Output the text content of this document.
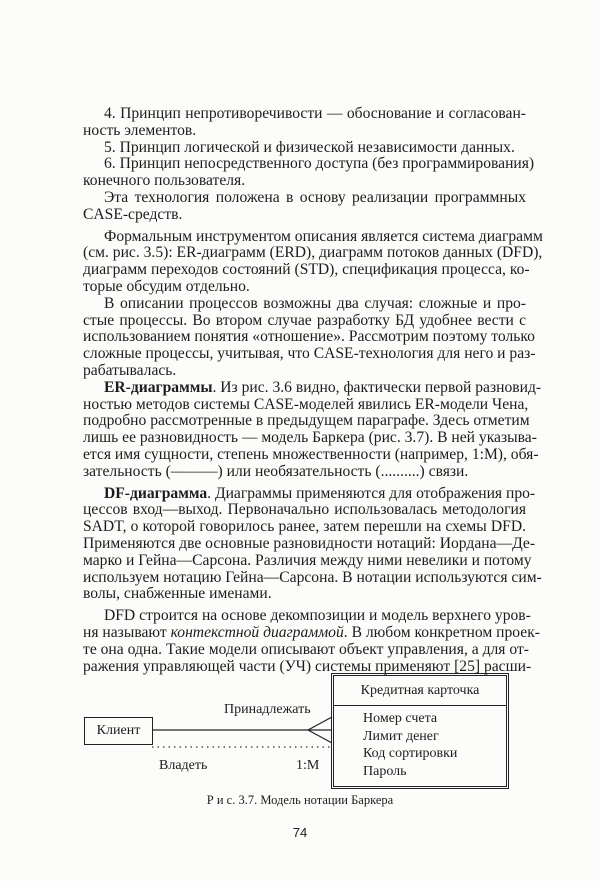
4. Принцип непротиворечивости — обоснование и согласован-
ность элементов.
5. Принцип логической и физической независимости данных.
6. Принцип непосредственного доступа (без программирования)
конечного пользователя.
Эта технология положена в основу реализации программных
CASE-средств.
Формальным инструментом описания является система диаграмм
(см. рис. 3.5): ER-диаграмм (ERD), диаграмм потоков данных (DFD),
диаграмм переходов состояний (STD), спецификация процесса, ко-
торые обсудим отдельно.
В описании процессов возможны два случая: сложные и про-
стые процессы. Во втором случае разработку БД удобнее вести с
использованием понятия «отношение». Рассмотрим поэтому только
сложные процессы, учитывая, что CASE-технология для него и раз-
рабатывалась.
ER-диаграммы. Из рис. 3.6 видно, фактически первой разновид-
ностью методов системы CASE-моделей явились ER-модели Чена,
подробно рассмотренные в предыдущем параграфе. Здесь отметим
лишь ее разновидность — модель Баркера (рис. 3.7). В ней указыва-
ется имя сущности, степень множественности (например, 1:М), обя-
зательность (———) или необязательность (..........) связи.
DF-диаграмма. Диаграммы применяются для отображения про-
цессов вход—выход. Первоначально использовалась методология
SADT, о которой говорилось ранее, затем перешли на схемы DFD.
Применяются две основные разновидности нотаций: Иордана—Де-
марко и Гейна—Сарсона. Различия между ними невелики и потому
используем нотацию Гейна—Сарсона. В нотации используются сим-
волы, снабженные именами.
DFD строится на основе декомпозиции и модель верхнего уров-
ня называют контекстной диаграммой. В любом конкретном проек-
те она одна. Такие модели описывают объект управления, а для от-
ражения управляющей части (УЧ) системы применяют [25] расши-
Клиент
Кредитная карточка
Номер счета
Лимит денег
Код сортировки
Пароль
Принадлежать
Владеть	1:M
Р и с. 3.7. Модель нотации Баркера
74
